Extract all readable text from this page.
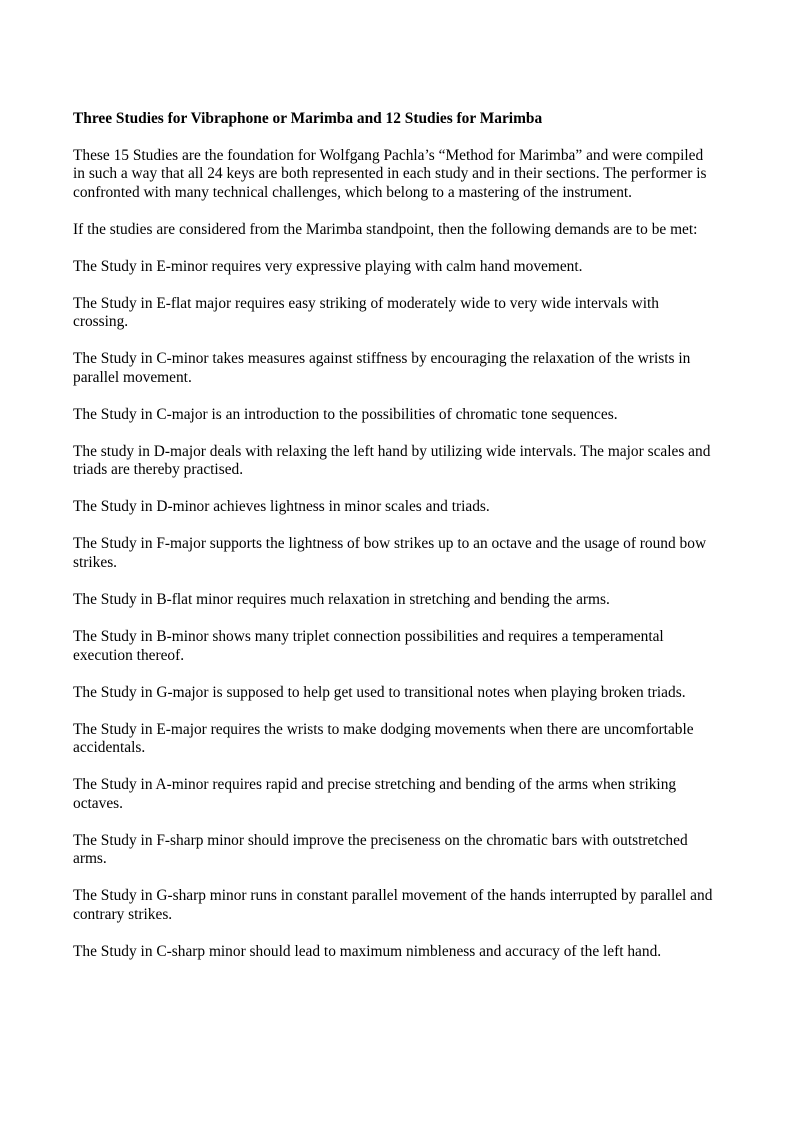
Three Studies for Vibraphone or Marimba and 12 Studies for Marimba

These 15 Studies are the foundation for Wolfgang Pachla’s “Method for Marimba” and were compiled in such a way that all 24 keys are both represented in each study and in their sections. The performer is confronted with many technical challenges, which belong to a mastering of the instrument.

If the studies are considered from the Marimba standpoint, then the following demands are to be met:

The Study in E-minor requires very expressive playing with calm hand movement.

The Study in E-flat major requires easy striking of moderately wide to very wide intervals with crossing.

The Study in C-minor takes measures against stiffness by encouraging the relaxation of the wrists in parallel movement.

The Study in C-major is an introduction to the possibilities of chromatic tone sequences.

The study in D-major deals with relaxing the left hand by utilizing wide intervals. The major scales and triads are thereby practised.

The Study in D-minor achieves lightness in minor scales and triads.

The Study in F-major supports the lightness of bow strikes up to an octave and the usage of round bow strikes.

The Study in B-flat minor requires much relaxation in stretching and bending the arms.

The Study in B-minor shows many triplet connection possibilities and requires a temperamental execution thereof.

The Study in G-major is supposed to help get used to transitional notes when playing broken triads.

The Study in E-major requires the wrists to make dodging movements when there are uncomfortable accidentals.

The Study in A-minor requires rapid and precise stretching and bending of the arms when striking octaves.

The Study in F-sharp minor should improve the preciseness on the chromatic bars with outstretched arms.

The Study in G-sharp minor runs in constant parallel movement of the hands interrupted by parallel and contrary strikes.

The Study in C-sharp minor should lead to maximum nimbleness and accuracy of the left hand.
